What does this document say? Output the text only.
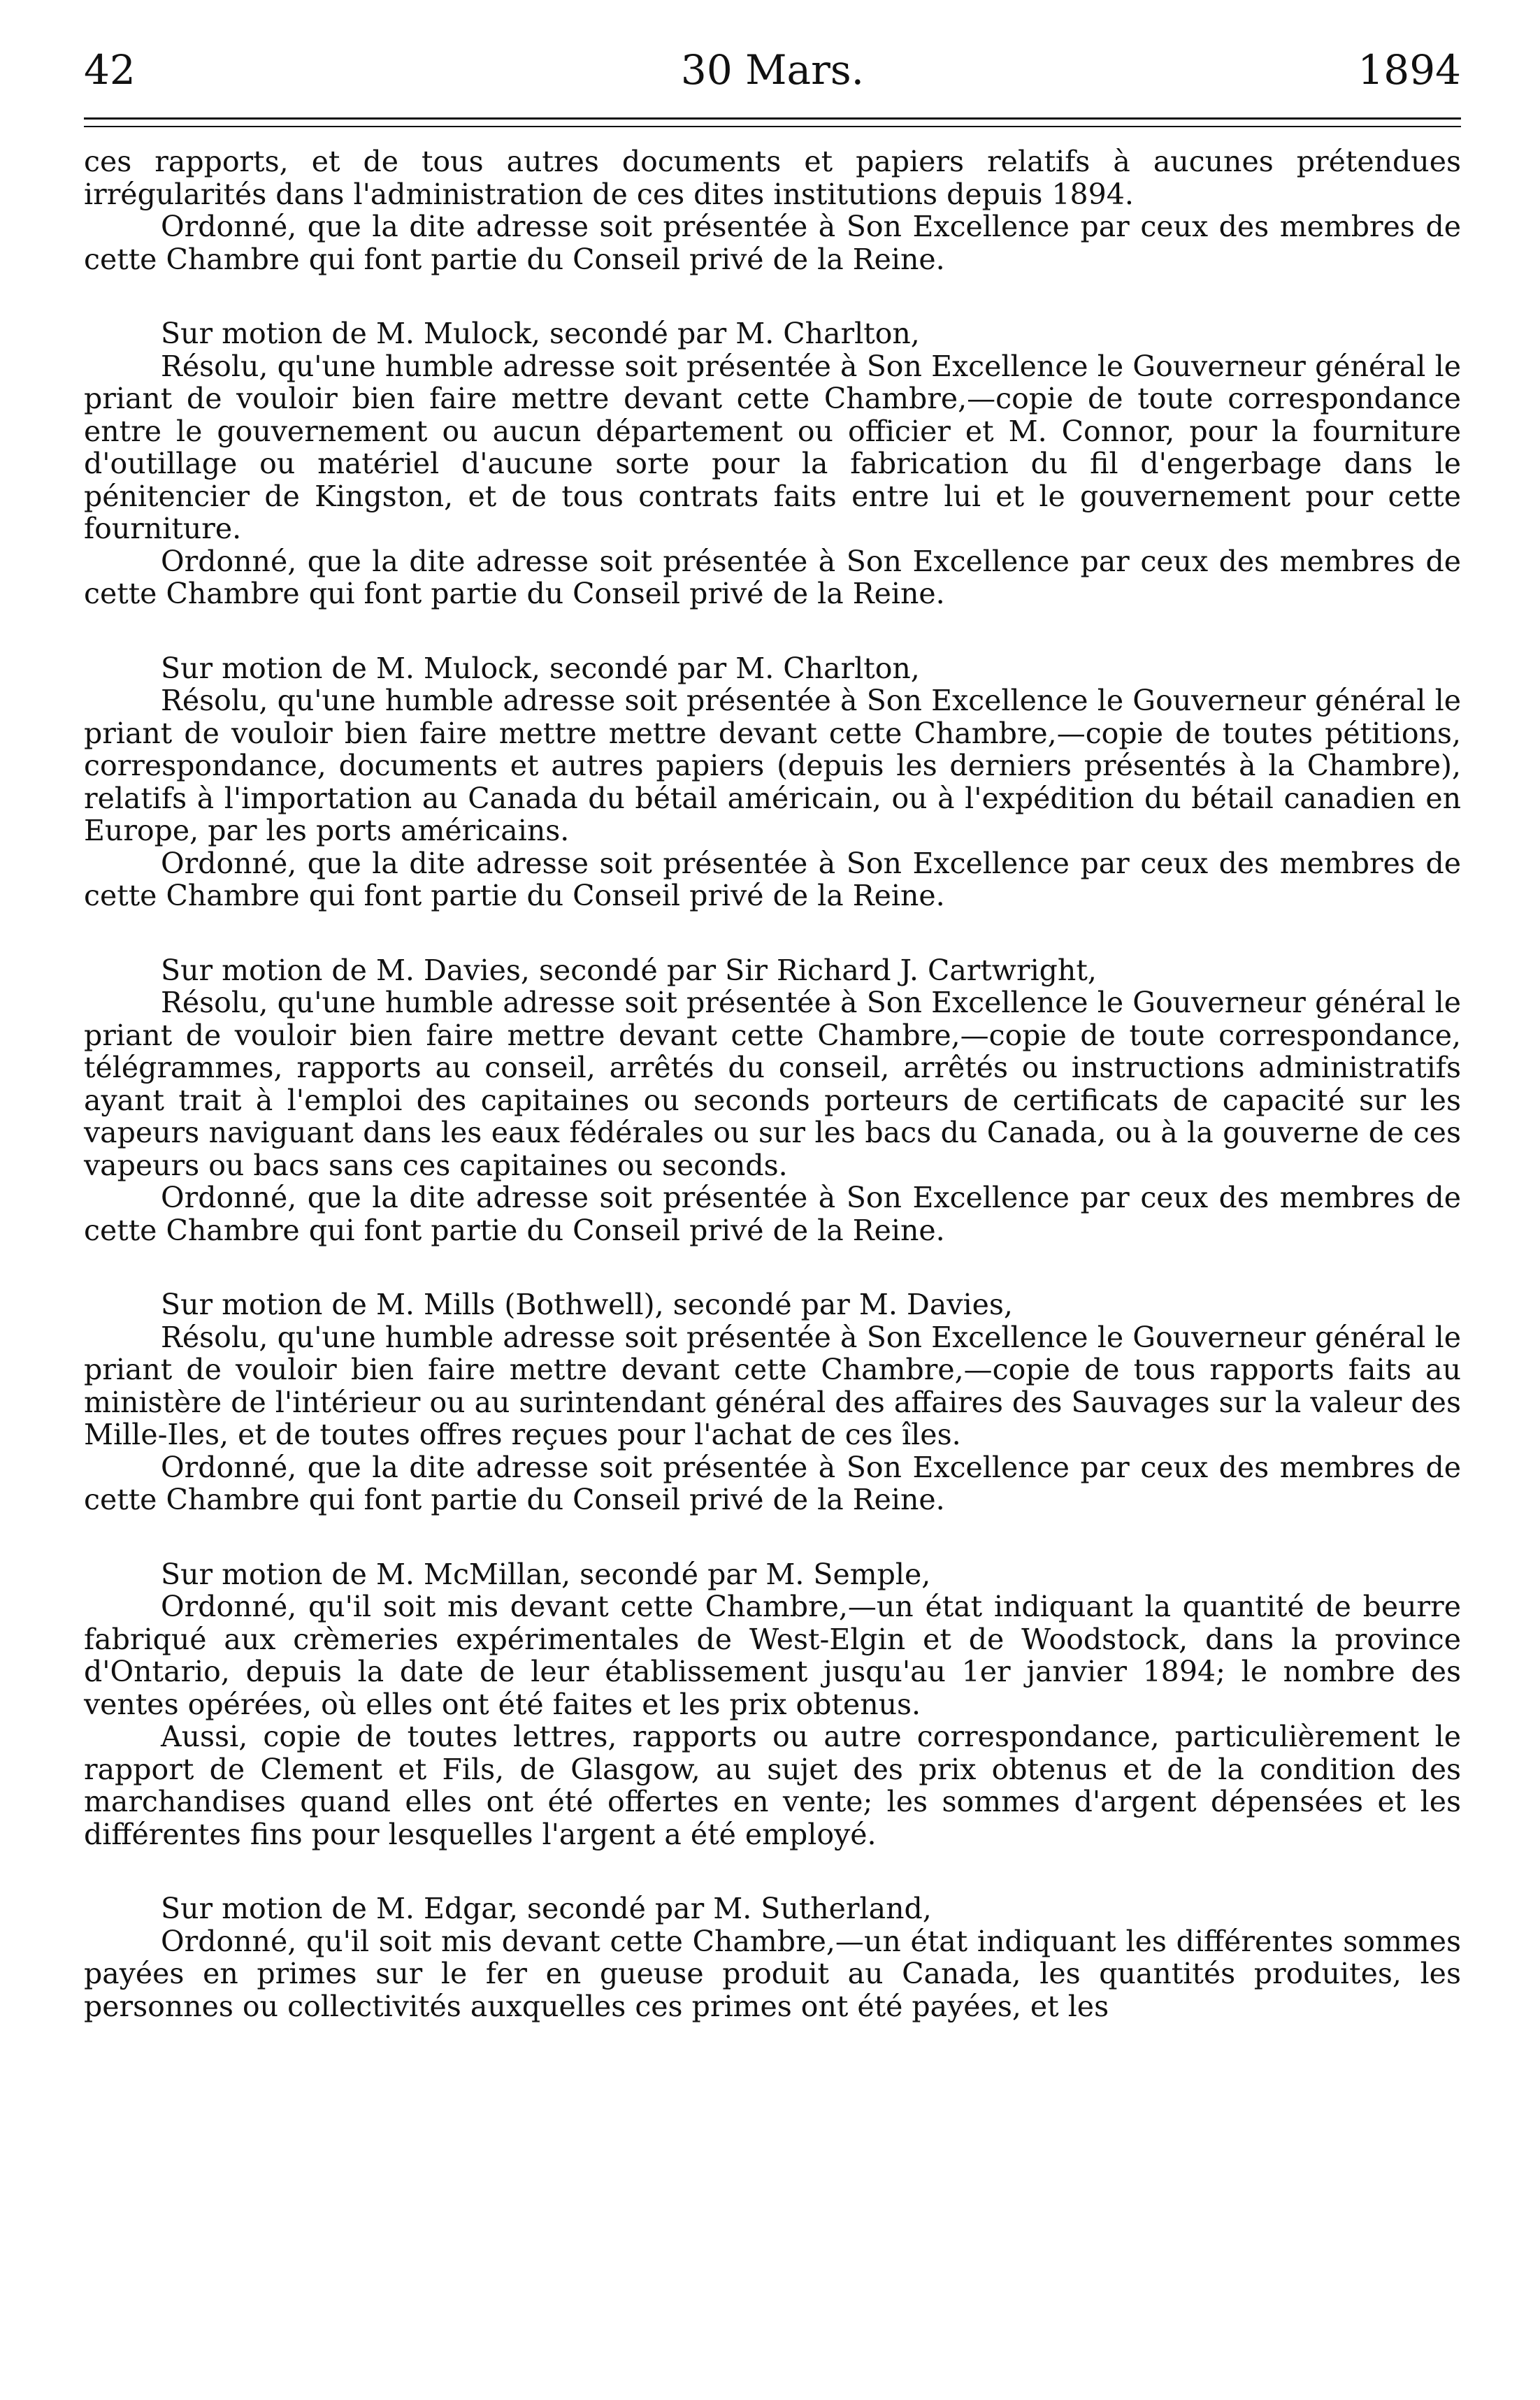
42	30 Mars.	1894

ces rapports, et de tous autres documents et papiers relatifs à aucunes prétendues irrégularités dans l'administration de ces dites institutions depuis 1894.

Ordonné, que la dite adresse soit présentée à Son Excellence par ceux des membres de cette Chambre qui font partie du Conseil privé de la Reine.

Sur motion de M. Mulock, secondé par M. Charlton,

Résolu, qu'une humble adresse soit présentée à Son Excellence le Gouverneur général le priant de vouloir bien faire mettre devant cette Chambre,—copie de toute correspondance entre le gouvernement ou aucun département ou officier et M. Connor, pour la fourniture d'outillage ou matériel d'aucune sorte pour la fabrication du fil d'engerbage dans le pénitencier de Kingston, et de tous contrats faits entre lui et le gouvernement pour cette fourniture.

Ordonné, que la dite adresse soit présentée à Son Excellence par ceux des membres de cette Chambre qui font partie du Conseil privé de la Reine.

Sur motion de M. Mulock, secondé par M. Charlton,

Résolu, qu'une humble adresse soit présentée à Son Excellence le Gouverneur général le priant de vouloir bien faire mettre mettre devant cette Chambre,—copie de toutes pétitions, correspondance, documents et autres papiers (depuis les derniers présentés à la Chambre), relatifs à l'importation au Canada du bétail américain, ou à l'expédition du bétail canadien en Europe, par les ports américains.

Ordonné, que la dite adresse soit présentée à Son Excellence par ceux des membres de cette Chambre qui font partie du Conseil privé de la Reine.

Sur motion de M. Davies, secondé par Sir Richard J. Cartwright,

Résolu, qu'une humble adresse soit présentée à Son Excellence le Gouverneur général le priant de vouloir bien faire mettre devant cette Chambre,—copie de toute correspondance, télégrammes, rapports au conseil, arrêtés du conseil, arrêtés ou instructions administratifs ayant trait à l'emploi des capitaines ou seconds porteurs de certificats de capacité sur les vapeurs naviguant dans les eaux fédérales ou sur les bacs du Canada, ou à la gouverne de ces vapeurs ou bacs sans ces capitaines ou seconds.

Ordonné, que la dite adresse soit présentée à Son Excellence par ceux des membres de cette Chambre qui font partie du Conseil privé de la Reine.

Sur motion de M. Mills (Bothwell), secondé par M. Davies,

Résolu, qu'une humble adresse soit présentée à Son Excellence le Gouverneur général le priant de vouloir bien faire mettre devant cette Chambre,—copie de tous rapports faits au ministère de l'intérieur ou au surintendant général des affaires des Sauvages sur la valeur des Mille-Iles, et de toutes offres reçues pour l'achat de ces îles.

Ordonné, que la dite adresse soit présentée à Son Excellence par ceux des membres de cette Chambre qui font partie du Conseil privé de la Reine.

Sur motion de M. McMillan, secondé par M. Semple,

Ordonné, qu'il soit mis devant cette Chambre,—un état indiquant la quantité de beurre fabriqué aux crèmeries expérimentales de West-Elgin et de Woodstock, dans la province d'Ontario, depuis la date de leur établissement jusqu'au 1er janvier 1894; le nombre des ventes opérées, où elles ont été faites et les prix obtenus.

Aussi, copie de toutes lettres, rapports ou autre correspondance, particulièrement le rapport de Clement et Fils, de Glasgow, au sujet des prix obtenus et de la condition des marchandises quand elles ont été offertes en vente; les sommes d'argent dépensées et les différentes fins pour lesquelles l'argent a été employé.

Sur motion de M. Edgar, secondé par M. Sutherland,

Ordonné, qu'il soit mis devant cette Chambre,—un état indiquant les différentes sommes payées en primes sur le fer en gueuse produit au Canada, les quantités produites, les personnes ou collectivités auxquelles ces primes ont été payées, et les
